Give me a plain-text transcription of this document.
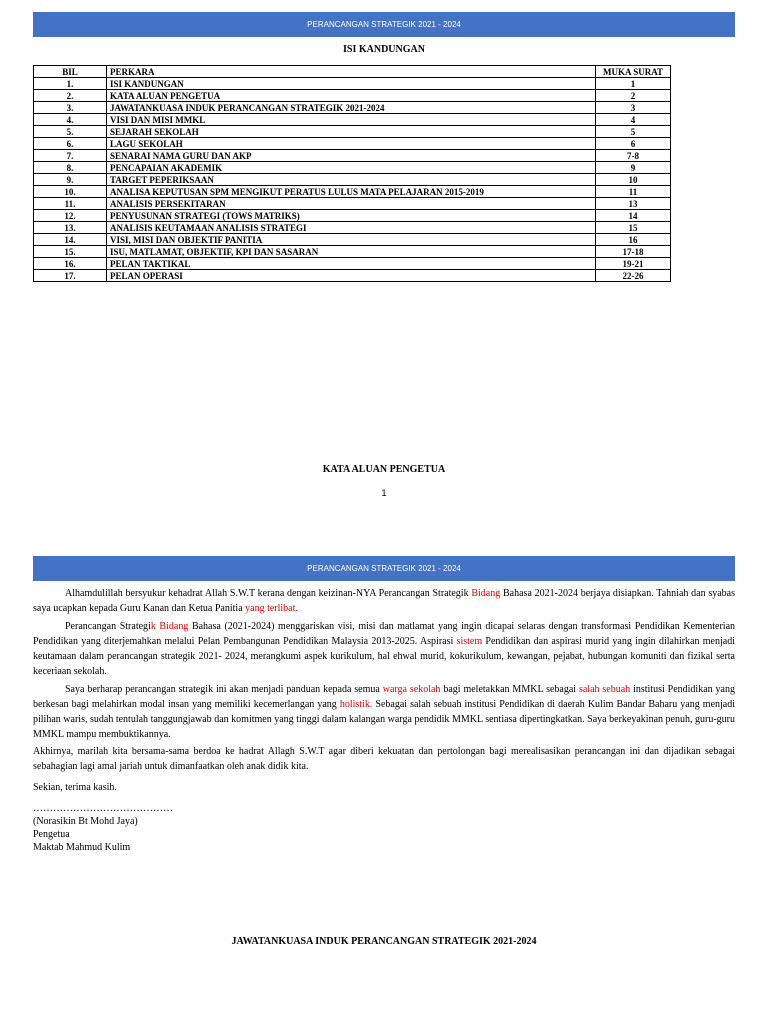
PERANCANGAN STRATEGIK 2021 - 2024
ISI KANDUNGAN
BIL	PERKARA	MUKA SURAT
1.	ISI KANDUNGAN	1
2.	KATA ALUAN PENGETUA	2
3.	JAWATANKUASA INDUK PERANCANGAN STRATEGIK 2021-2024	3
4.	VISI DAN MISI MMKL	4
5.	SEJARAH SEKOLAH	5
6.	LAGU SEKOLAH	6
7.	SENARAI NAMA GURU DAN AKP	7-8
8.	PENCAPAIAN AKADEMIK	9
9.	TARGET PEPERIKSAAN	10
10.	ANALISA KEPUTUSAN SPM MENGIKUT PERATUS LULUS MATA PELAJARAN 2015-2019	11
11.	ANALISIS PERSEKITARAN	13
12.	PENYUSUNAN STRATEGI (TOWS MATRIKS)	14
13.	ANALISIS KEUTAMAAN ANALISIS STRATEGI	15
14.	VISI, MISI DAN OBJEKTIF PANITIA	16
15.	ISU, MATLAMAT, OBJEKTIF, KPI DAN SASARAN	17-18
16.	PELAN TAKTIKAL	19-21
17.	PELAN OPERASI	22-26
KATA ALUAN PENGETUA
1
PERANCANGAN STRATEGIK 2021 - 2024
Alhamdulillah bersyukur kehadrat Allah S.W.T kerana dengan keizinan-NYA Perancangan Strategik Bidang Bahasa 2021-2024 berjaya disiapkan. Tahniah dan syabas saya ucapkan kepada Guru Kanan dan Ketua Panitia yang terlibat.
Perancangan Strategik Bidang Bahasa (2021-2024) menggariskan visi, misi dan matlamat yang ingin dicapai selaras dengan transformasi Pendidikan Kementerian Pendidikan yang diterjemahkan melalui Pelan Pembangunan Pendidikan Malaysia 2013-2025. Aspirasi sistem Pendidikan dan aspirasi murid yang ingin dilahirkan menjadi keutamaan dalam perancangan strategik 2021- 2024, merangkumi aspek kurikulum, hal ehwal murid, kokurikulum, kewangan, pejabat, hubungan komuniti dan fizikal serta keceriaan sekolah.
Saya berharap perancangan strategik ini akan menjadi panduan kepada semua warga sekolah bagi meletakkan MMKL sebagai salah sebuah institusi Pendidikan yang berkesan bagi melahirkan modal insan yang memiliki kecemerlangan yang holistik. Sebagai salah sebuah institusi Pendidikan di daerah Kulim Bandar Baharu yang menjadi pilihan waris, sudah tentulah tanggungjawab dan komitmen yang tinggi dalam kalangan warga pendidik MMKL sentiasa dipertingkatkan. Saya berkeyakinan penuh, guru-guru MMKL mampu membuktikannya.
Akhirnya, marilah kita bersama-sama berdoa ke hadrat Allagh S.W.T agar diberi kekuatan dan pertolongan bagi merealisasikan perancangan ini dan dijadikan sebagai sebahagian lagi amal jariah untuk dimanfaatkan oleh anak didik kita.
Sekian, terima kasih.
……………………………………
(Norasikin Bt Mohd Jaya)
Pengetua
Maktab Mahmud Kulim
JAWATANKUASA INDUK PERANCANGAN STRATEGIK 2021-2024
